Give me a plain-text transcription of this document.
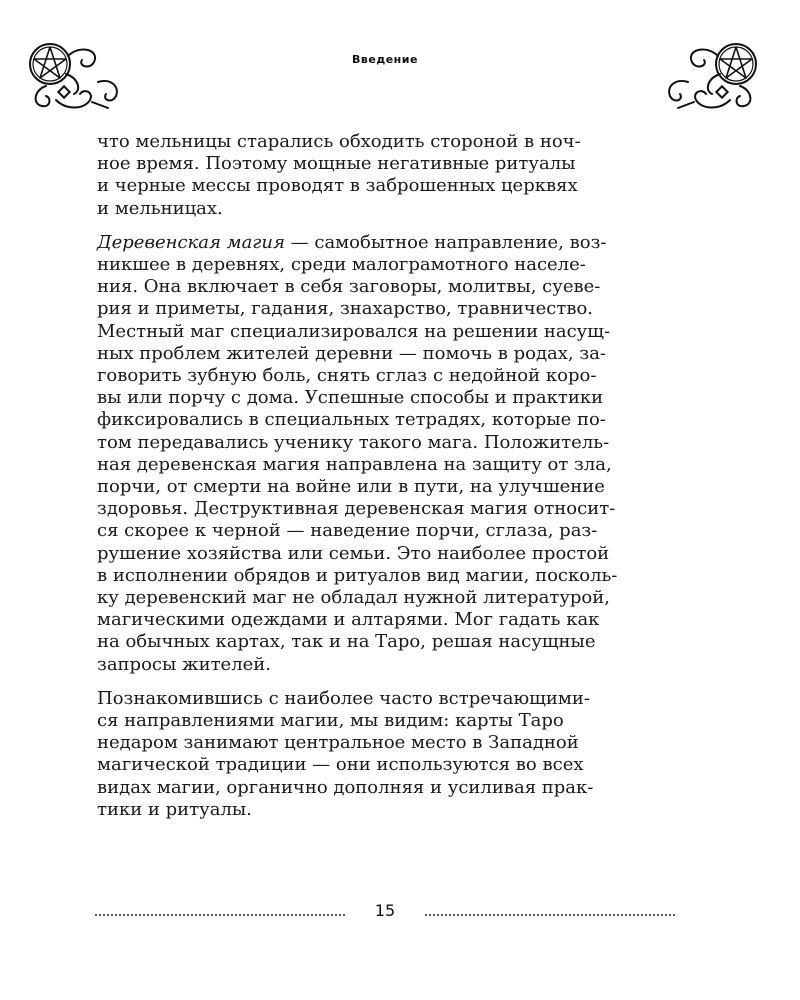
Введение

что мельницы старались обходить стороной в ноч-
ное время. Поэтому мощные негативные ритуалы
и черные мессы проводят в заброшенных церквях
и мельницах.

Деревенская магия — самобытное направление, воз-
никшее в деревнях, среди малограмотного населе-
ния. Она включает в себя заговоры, молитвы, суеве-
рия и приметы, гадания, знахарство, травничество.
Местный маг специализировался на решении насущ-
ных проблем жителей деревни — помочь в родах, за-
говорить зубную боль, снять сглаз с недойной коро-
вы или порчу с дома. Успешные способы и практики
фиксировались в специальных тетрадях, которые по-
том передавались ученику такого мага. Положитель-
ная деревенская магия направлена на защиту от зла,
порчи, от смерти на войне или в пути, на улучшение
здоровья. Деструктивная деревенская магия относит-
ся скорее к черной — наведение порчи, сглаза, раз-
рушение хозяйства или семьи. Это наиболее простой
в исполнении обрядов и ритуалов вид магии, посколь-
ку деревенский маг не обладал нужной литературой,
магическими одеждами и алтарями. Мог гадать как
на обычных картах, так и на Таро, решая насущные
запросы жителей.

Познакомившись с наиболее часто встречающими-
ся направлениями магии, мы видим: карты Таро
недаром занимают центральное место в Западной
магической традиции — они используются во всех
видах магии, органично дополняя и усиливая прак-
тики и ритуалы.

15
